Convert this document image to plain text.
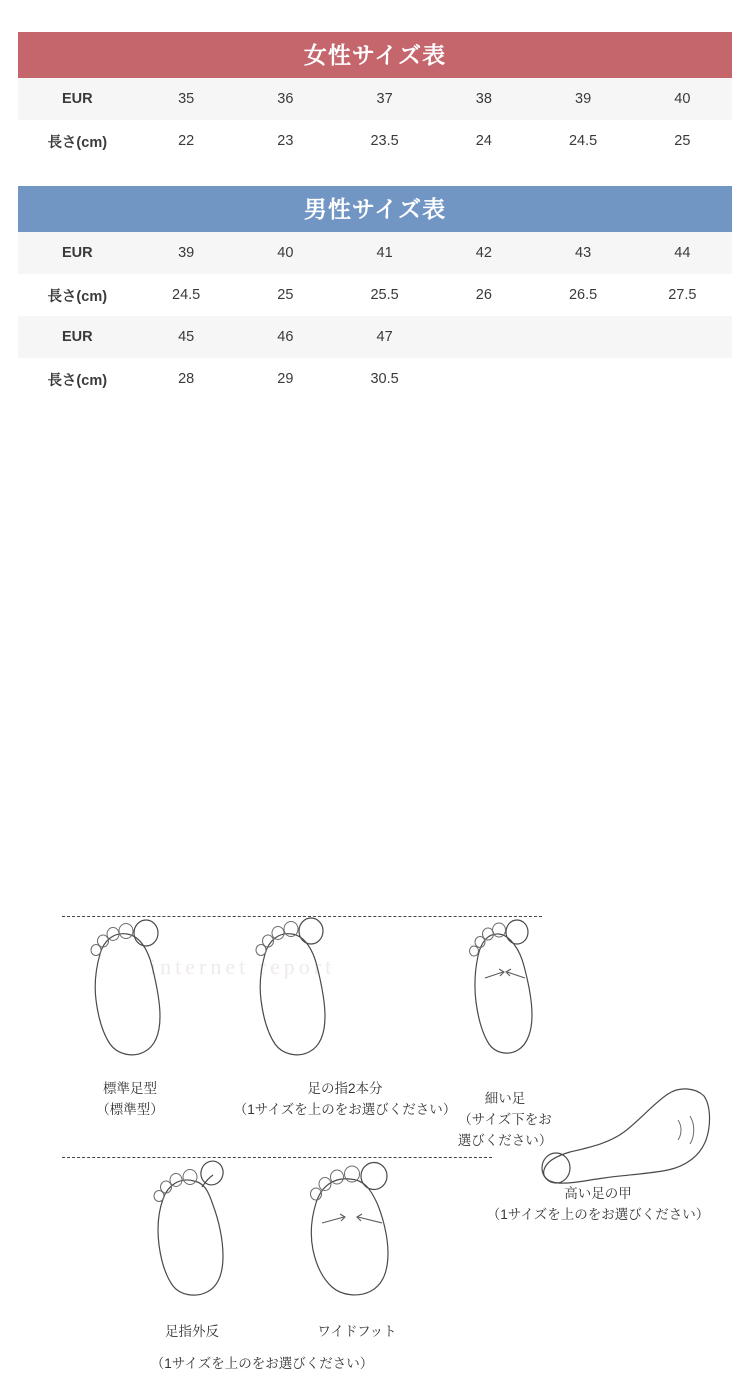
女性サイズ表
EUR	35	36	37	38	39	40
長さ(cm)	22	23	23.5	24	24.5	25
男性サイズ表
EUR	39	40	41	42	43	44
長さ(cm)	24.5	25	25.5	26	26.5	27.5
EUR	45	46	47			
長さ(cm)	28	29	30.5			
internet report
標準足型
（標準型）
足の指2本分
（1サイズを上のをお選びください）
細い足
（サイズ下をお
選びください）
足指外反	ワイドフット
（1サイズを上のをお選びください）
高い足の甲
（1サイズを上のをお選びください）
